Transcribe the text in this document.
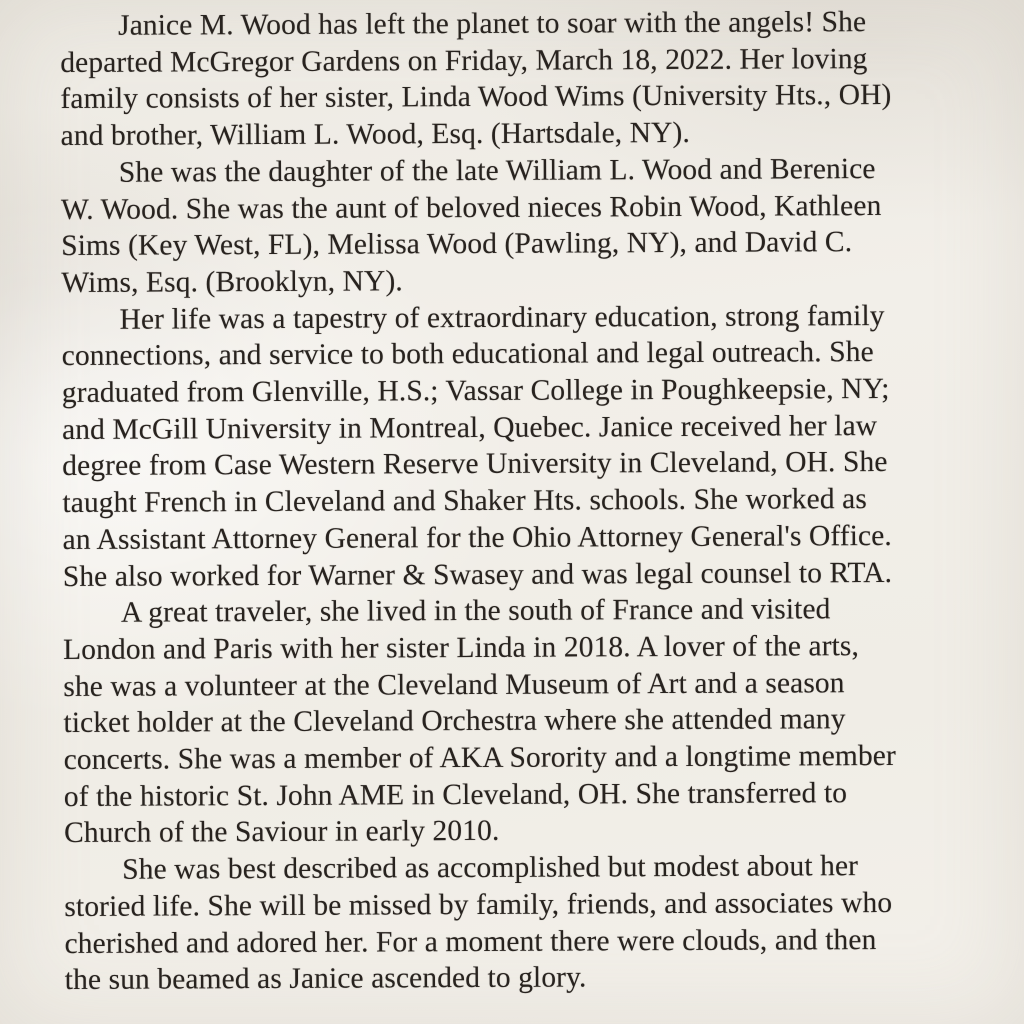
Janice M. Wood has left the planet to soar with the angels! She
departed McGregor Gardens on Friday, March 18, 2022. Her loving
family consists of her sister, Linda Wood Wims (University Hts., OH)
and brother, William L. Wood, Esq. (Hartsdale, NY).

She was the daughter of the late William L. Wood and Berenice
W. Wood. She was the aunt of beloved nieces Robin Wood, Kathleen
Sims (Key West, FL), Melissa Wood (Pawling, NY), and David C.
Wims, Esq. (Brooklyn, NY).

Her life was a tapestry of extraordinary education, strong family
connections, and service to both educational and legal outreach. She
graduated from Glenville, H.S.; Vassar College in Poughkeepsie, NY;
and McGill University in Montreal, Quebec. Janice received her law
degree from Case Western Reserve University in Cleveland, OH. She
taught French in Cleveland and Shaker Hts. schools. She worked as
an Assistant Attorney General for the Ohio Attorney General's Office.
She also worked for Warner & Swasey and was legal counsel to RTA.

A great traveler, she lived in the south of France and visited
London and Paris with her sister Linda in 2018. A lover of the arts,
she was a volunteer at the Cleveland Museum of Art and a season
ticket holder at the Cleveland Orchestra where she attended many
concerts. She was a member of AKA Sorority and a longtime member
of the historic St. John AME in Cleveland, OH. She transferred to
Church of the Saviour in early 2010.

She was best described as accomplished but modest about her
storied life. She will be missed by family, friends, and associates who
cherished and adored her. For a moment there were clouds, and then
the sun beamed as Janice ascended to glory.
